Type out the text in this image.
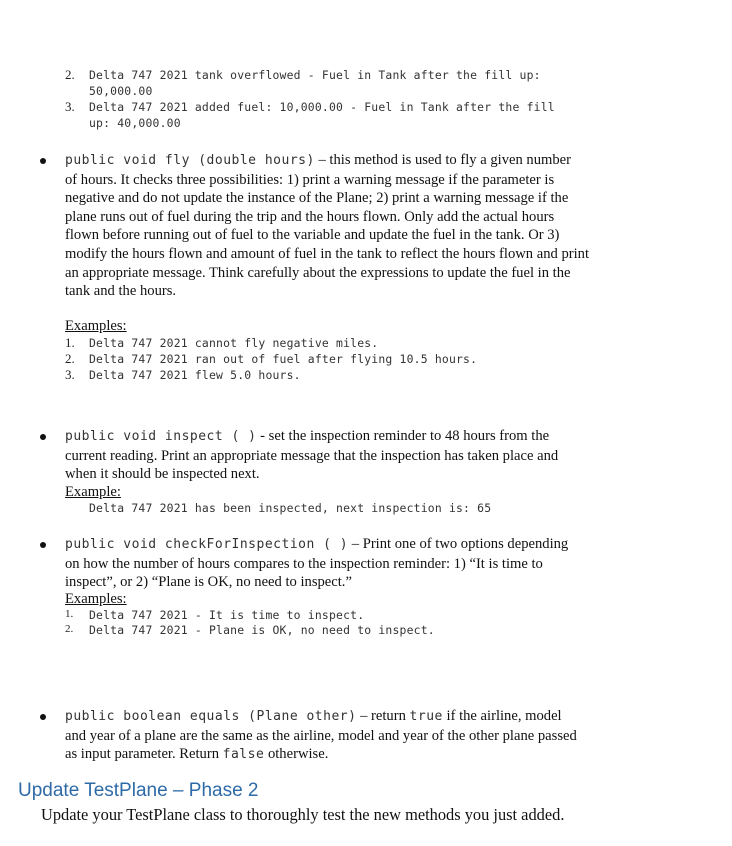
2. Delta 747 2021 tank overflowed - Fuel in Tank after the fill up:
50,000.00
3. Delta 747 2021 added fuel: 10,000.00 - Fuel in Tank after the fill
up: 40,000.00
public void fly (double hours) – this method is used to fly a given number
of hours. It checks three possibilities: 1) print a warning message if the parameter is
negative and do not update the instance of the Plane; 2) print a warning message if the
plane runs out of fuel during the trip and the hours flown. Only add the actual hours
flown before running out of fuel to the variable and update the fuel in the tank. Or 3)
modify the hours flown and amount of fuel in the tank to reflect the hours flown and print
an appropriate message. Think carefully about the expressions to update the fuel in the
tank and the hours.
Examples:
1. Delta 747 2021 cannot fly negative miles.
2. Delta 747 2021 ran out of fuel after flying 10.5 hours.
3. Delta 747 2021 flew 5.0 hours.
public void inspect ( ) - set the inspection reminder to 48 hours from the
current reading. Print an appropriate message that the inspection has taken place and
when it should be inspected next.
Example:
Delta 747 2021 has been inspected, next inspection is: 65
public void checkForInspection ( ) – Print one of two options depending
on how the number of hours compares to the inspection reminder: 1) “It is time to
inspect”, or 2) “Plane is OK, no need to inspect.”
Examples:
1. Delta 747 2021 - It is time to inspect.
2. Delta 747 2021 - Plane is OK, no need to inspect.
public boolean equals (Plane other) – return true if the airline, model
and year of a plane are the same as the airline, model and year of the other plane passed
as input parameter. Return false otherwise.
Update TestPlane – Phase 2
Update your TestPlane class to thoroughly test the new methods you just added.
